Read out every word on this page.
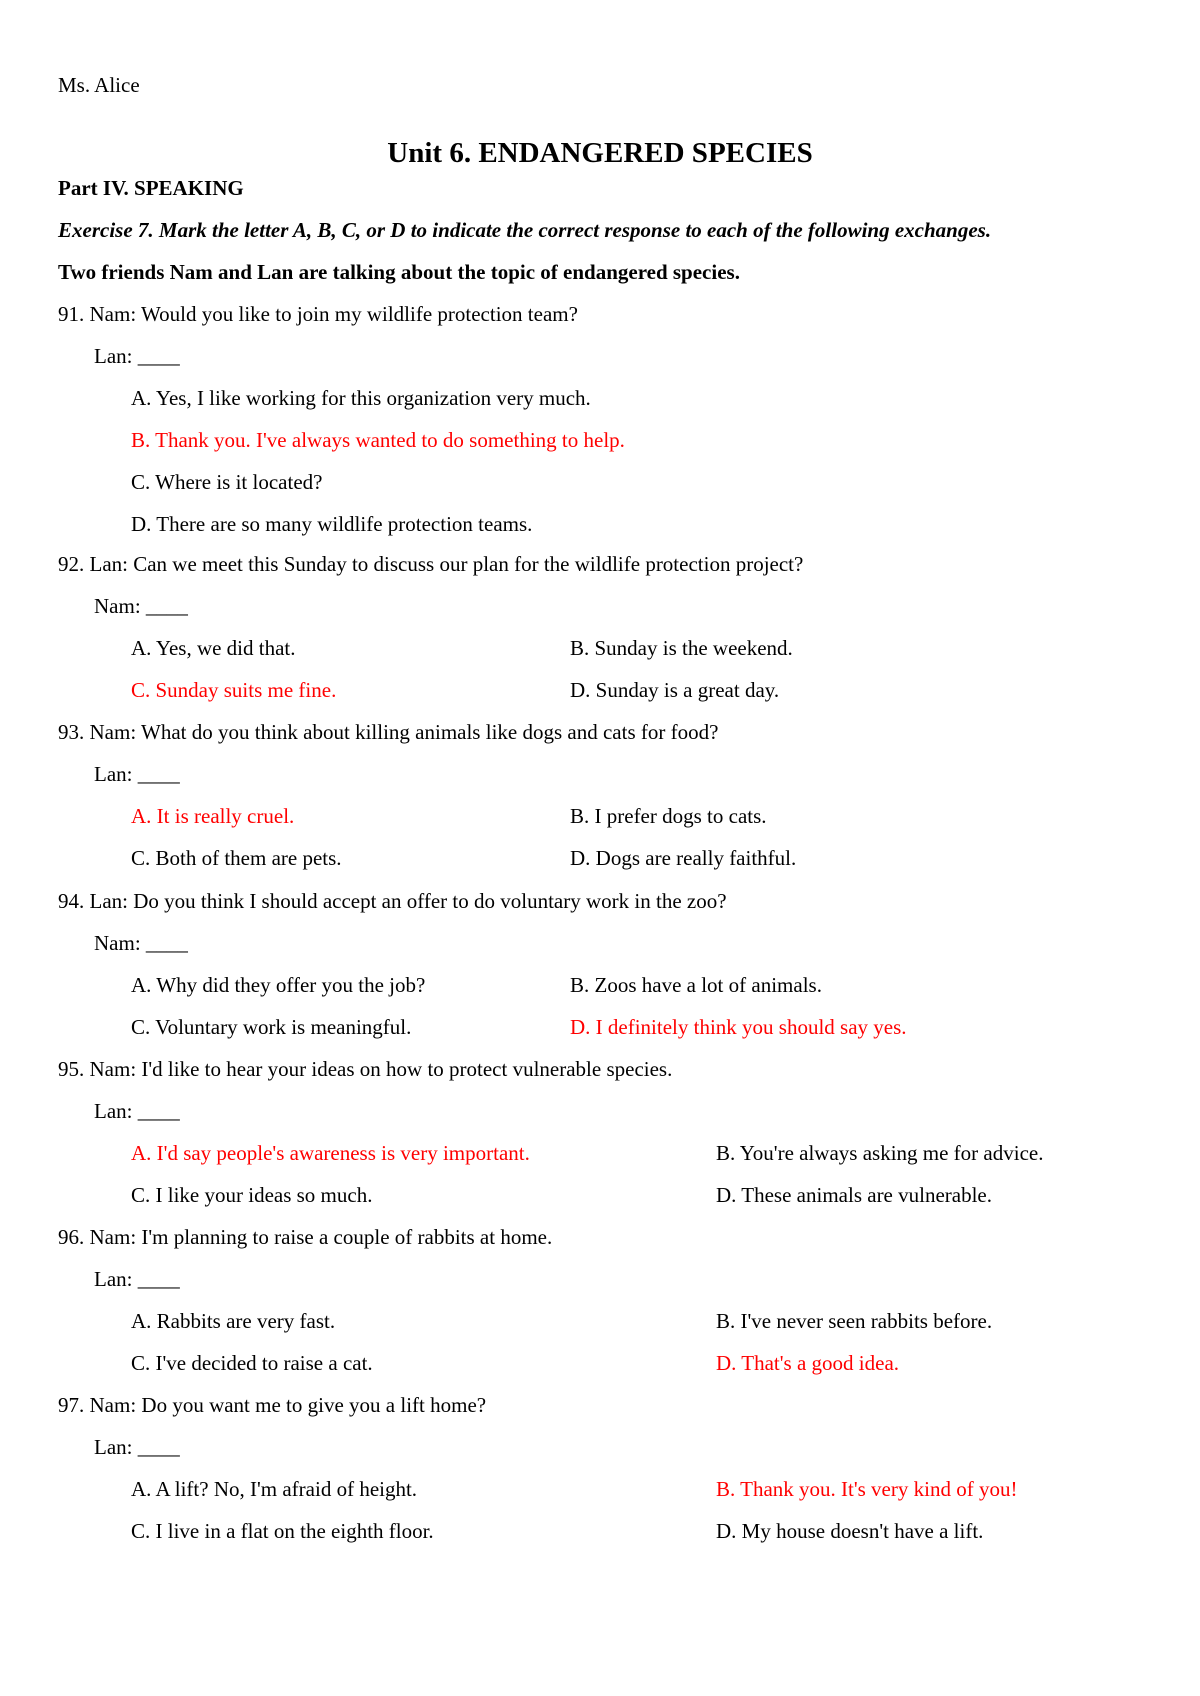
Ms. Alice
Unit 6. ENDANGERED SPECIES
Part IV. SPEAKING
Exercise 7. Mark the letter A, B, C, or D to indicate the correct response to each of the following exchanges.
Two friends Nam and Lan are talking about the topic of endangered species.
91. Nam: Would you like to join my wildlife protection team?
Lan: ____
A. Yes, I like working for this organization very much.
B. Thank you. I've always wanted to do something to help.
C. Where is it located?
D. There are so many wildlife protection teams.
92. Lan: Can we meet this Sunday to discuss our plan for the wildlife protection project?
Nam: ____
A. Yes, we did that.	B. Sunday is the weekend.
C. Sunday suits me fine.	D. Sunday is a great day.
93. Nam: What do you think about killing animals like dogs and cats for food?
Lan: ____
A. It is really cruel.	B. I prefer dogs to cats.
C. Both of them are pets.	D. Dogs are really faithful.
94. Lan: Do you think I should accept an offer to do voluntary work in the zoo?
Nam: ____
A. Why did they offer you the job?	B. Zoos have a lot of animals.
C. Voluntary work is meaningful.	D. I definitely think you should say yes.
95. Nam: I'd like to hear your ideas on how to protect vulnerable species.
Lan: ____
A. I'd say people's awareness is very important.	B. You're always asking me for advice.
C. I like your ideas so much.	D. These animals are vulnerable.
96. Nam: I'm planning to raise a couple of rabbits at home.
Lan: ____
A. Rabbits are very fast.	B. I've never seen rabbits before.
C. I've decided to raise a cat.	D. That's a good idea.
97. Nam: Do you want me to give you a lift home?
Lan: ____
A. A lift? No, I'm afraid of height.	B. Thank you. It's very kind of you!
C. I live in a flat on the eighth floor.	D. My house doesn't have a lift.
